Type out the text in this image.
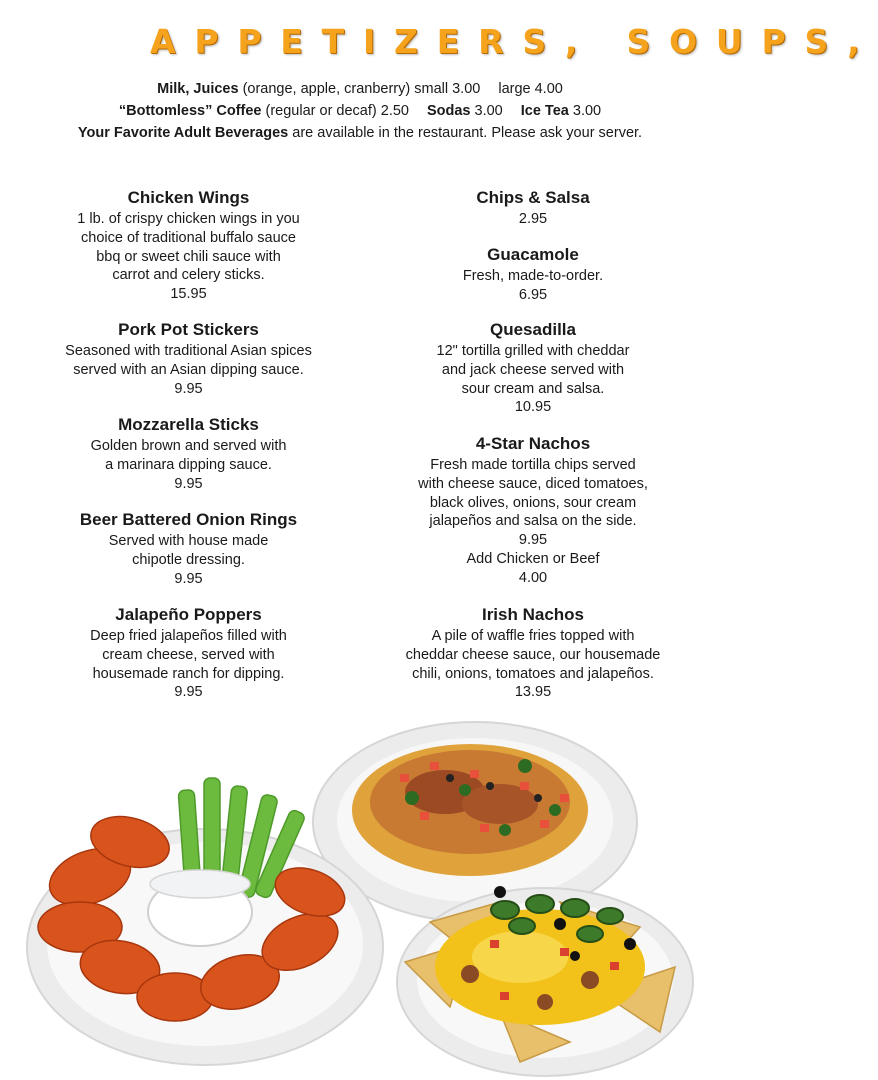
APPETIZERS, SOUPS,
Milk, Juices (orange, apple, cranberry) small 3.00 large 4.00
“Bottomless” Coffee (regular or decaf) 2.50 Sodas 3.00 Ice Tea 3.00
Your Favorite Adult Beverages are available in the restaurant. Please ask your server.
Chicken Wings
1 lb. of crispy chicken wings in you
choice of traditional buffalo sauce
bbq or sweet chili sauce with
carrot and celery sticks.
15.95
Pork Pot Stickers
Seasoned with traditional Asian spices
served with an Asian dipping sauce.
9.95
Mozzarella Sticks
Golden brown and served with
a marinara dipping sauce.
9.95
Beer Battered Onion Rings
Served with house made
chipotle dressing.
9.95
Jalapeño Poppers
Deep fried jalapeños filled with
cream cheese, served with
housemade ranch for dipping.
9.95
Chips & Salsa
2.95
Guacamole
Fresh, made-to-order.
6.95
Quesadilla
12" tortilla grilled with cheddar
and jack cheese served with
sour cream and salsa.
10.95
4-Star Nachos
Fresh made tortilla chips served
with cheese sauce, diced tomatoes,
black olives, onions, sour cream
jalapeños and salsa on the side.
9.95
Add Chicken or Beef
4.00
Irish Nachos
A pile of waffle fries topped with
cheddar cheese sauce, our housemade
chili, onions, tomatoes and jalapeños.
13.95
